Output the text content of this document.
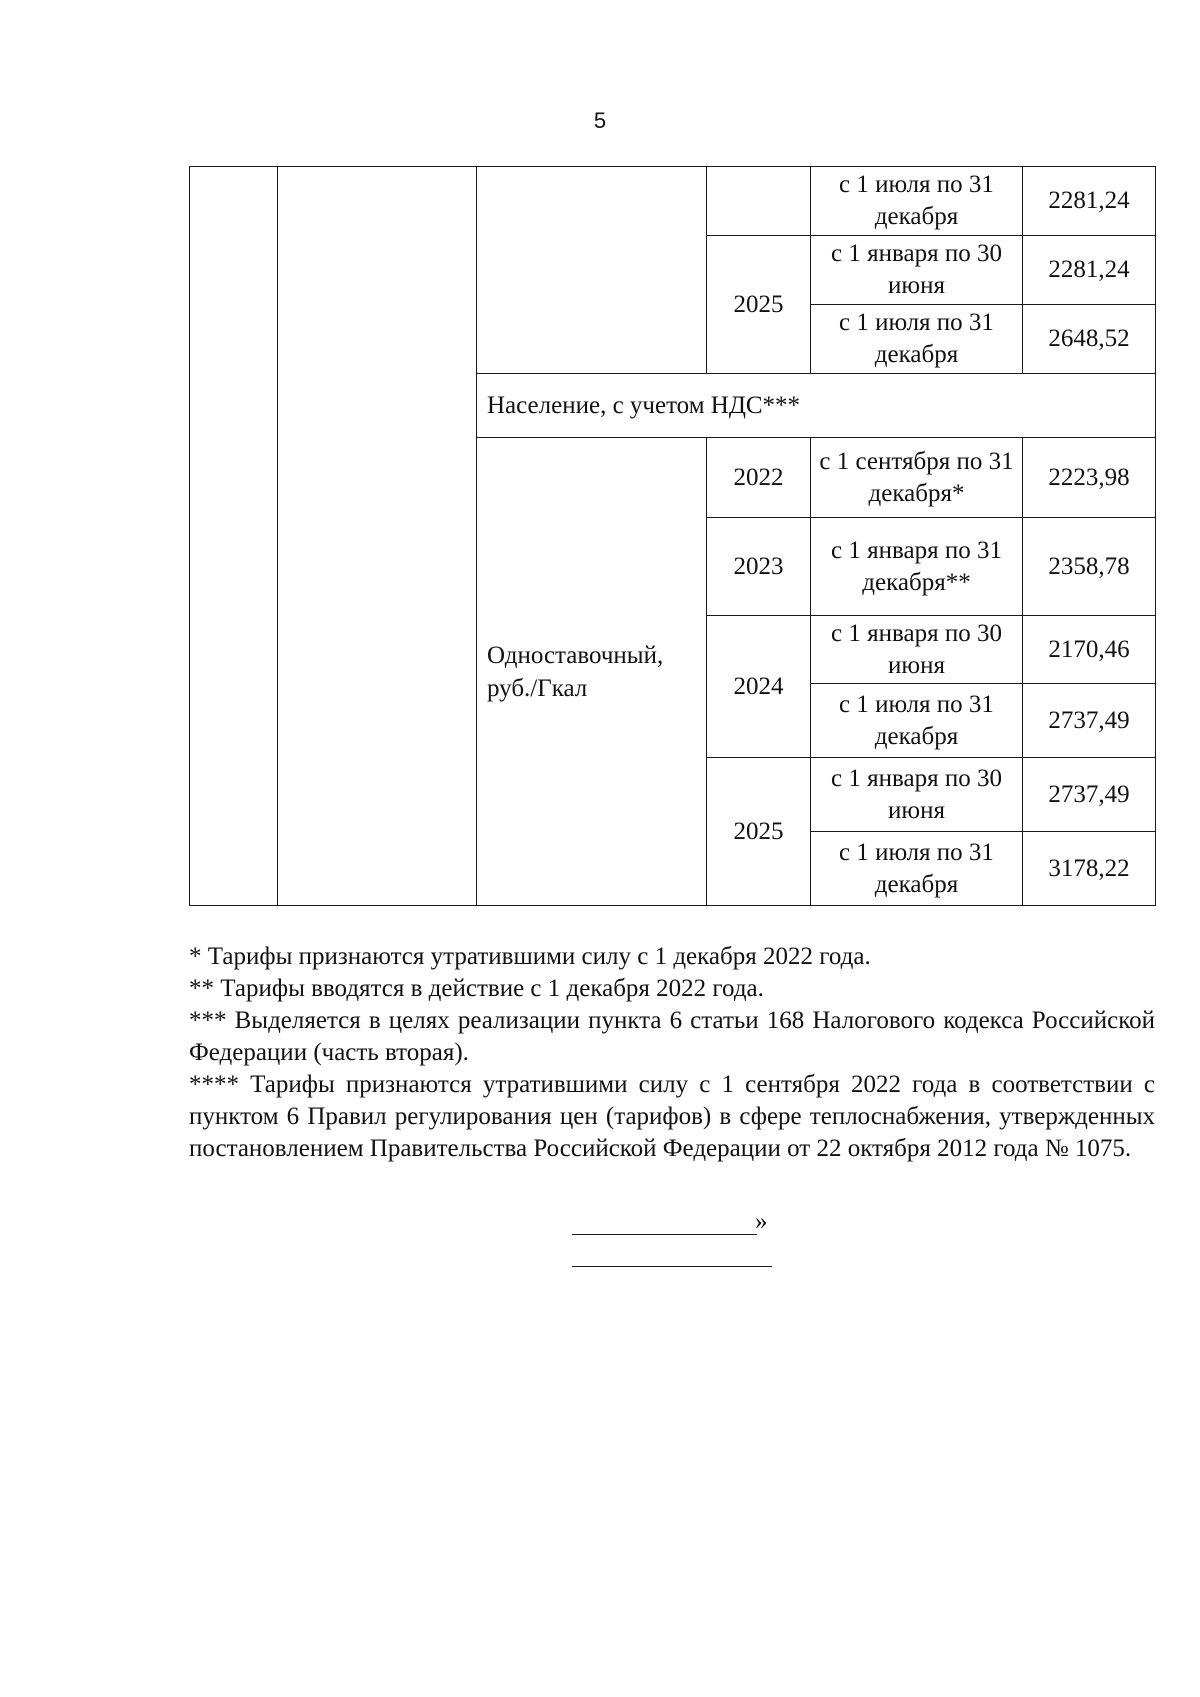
5
				с 1 июля по 31 декабря	2281,24
			2025	с 1 января по 30 июня	2281,24
				с 1 июля по 31 декабря	2648,52
		Население, с учетом НДС***			
		Одноставочный, руб./Гкал	2022	с 1 сентября по 31 декабря*	2223,98
			2023	с 1 января по 31 декабря**	2358,78
			2024	с 1 января по 30 июня	2170,46
				с 1 июля по 31 декабря	2737,49
			2025	с 1 января по 30 июня	2737,49
				с 1 июля по 31 декабря	3178,22

* Тарифы признаются утратившими силу с 1 декабря 2022 года.

** Тарифы вводятся в действие с 1 декабря 2022 года.

*** Выделяется в целях реализации пункта 6 статьи 168 Налогового кодекса Российской Федерации (часть вторая).

**** Тарифы признаются утратившими силу с 1 сентября 2022 года в соответствии с пунктом 6 Правил регулирования цен (тарифов) в сфере теплоснабжения, утвержденных постановлением Правительства Российской Федерации от 22 октября 2012 года № 1075.

»
